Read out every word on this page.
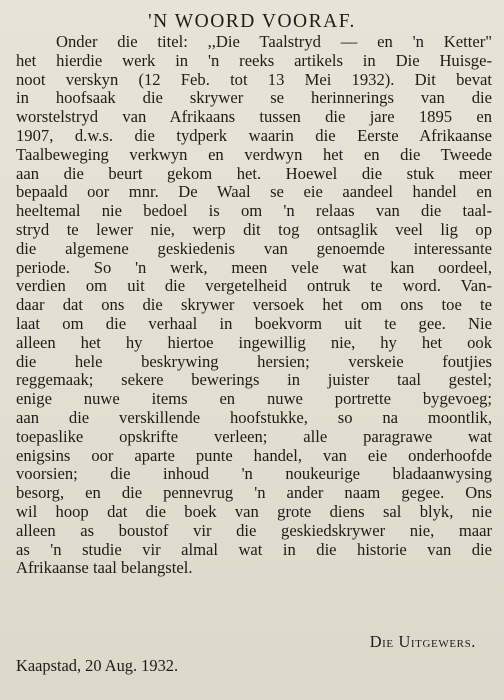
'N WOORD VOORAF.
Onder die titel: ,,Die Taalstryd — en 'n Ketter"
het hierdie werk in 'n reeks artikels in Die Huisge-
noot verskyn (12 Feb. tot 13 Mei 1932). Dit bevat
in hoofsaak die skrywer se herinnerings van die
worstelstryd van Afrikaans tussen die jare 1895 en
1907, d.w.s. die tydperk waarin die Eerste Afrikaanse
Taalbeweging verkwyn en verdwyn het en die Tweede
aan die beurt gekom het. Hoewel die stuk meer
bepaald oor mnr. De Waal se eie aandeel handel en
heeltemal nie bedoel is om 'n relaas van die taal-
stryd te lewer nie, werp dit tog ontsaglik veel lig op
die algemene geskiedenis van genoemde interessante
periode. So 'n werk, meen vele wat kan oordeel,
verdien om uit die vergetelheid ontruk te word. Van-
daar dat ons die skrywer versoek het om ons toe te
laat om die verhaal in boekvorm uit te gee. Nie
alleen het hy hiertoe ingewillig nie, hy het ook
die hele beskrywing hersien; verskeie foutjies
reggemaak; sekere bewerings in juister taal gestel;
enige nuwe items en nuwe portrette bygevoeg;
aan die verskillende hoofstukke, so na moontlik,
toepaslike opskrifte verleen; alle paragrawe wat
enigsins oor aparte punte handel, van eie onderhoofde
voorsien; die inhoud 'n noukeurige bladaanwysing
besorg, en die pennevrug 'n ander naam gegee. Ons
wil hoop dat die boek van grote diens sal blyk, nie
alleen as boustof vir die geskiedskrywer nie, maar
as 'n studie vir almal wat in die historie van die
Afrikaanse taal belangstel.
Die Uitgewers.
Kaapstad, 20 Aug. 1932.
